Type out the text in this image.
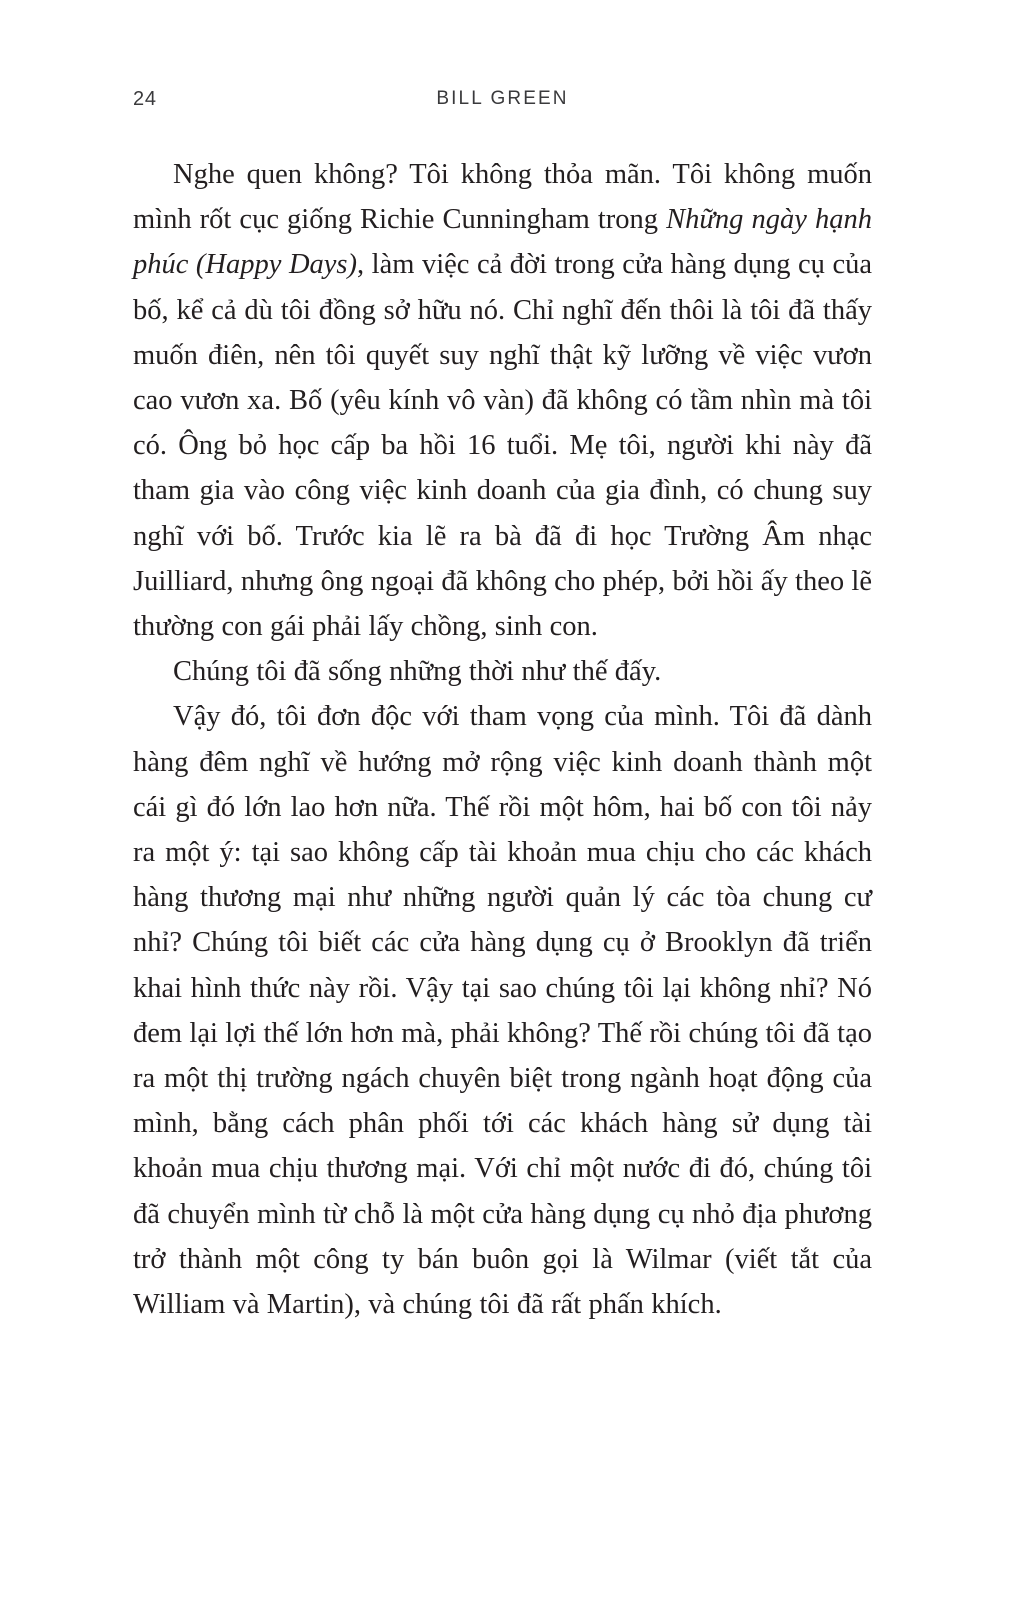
24	BILL GREEN

Nghe quen không? Tôi không thỏa mãn. Tôi không muốn mình rốt cục giống Richie Cunningham trong Những ngày hạnh phúc (Happy Days), làm việc cả đời trong cửa hàng dụng cụ của bố, kể cả dù tôi đồng sở hữu nó. Chỉ nghĩ đến thôi là tôi đã thấy muốn điên, nên tôi quyết suy nghĩ thật kỹ lưỡng về việc vươn cao vươn xa. Bố (yêu kính vô vàn) đã không có tầm nhìn mà tôi có. Ông bỏ học cấp ba hồi 16 tuổi. Mẹ tôi, người khi này đã tham gia vào công việc kinh doanh của gia đình, có chung suy nghĩ với bố. Trước kia lẽ ra bà đã đi học Trường Âm nhạc Juilliard, nhưng ông ngoại đã không cho phép, bởi hồi ấy theo lẽ thường con gái phải lấy chồng, sinh con.

Chúng tôi đã sống những thời như thế đấy.

Vậy đó, tôi đơn độc với tham vọng của mình. Tôi đã dành hàng đêm nghĩ về hướng mở rộng việc kinh doanh thành một cái gì đó lớn lao hơn nữa. Thế rồi một hôm, hai bố con tôi nảy ra một ý: tại sao không cấp tài khoản mua chịu cho các khách hàng thương mại như những người quản lý các tòa chung cư nhỉ? Chúng tôi biết các cửa hàng dụng cụ ở Brooklyn đã triển khai hình thức này rồi. Vậy tại sao chúng tôi lại không nhỉ? Nó đem lại lợi thế lớn hơn mà, phải không? Thế rồi chúng tôi đã tạo ra một thị trường ngách chuyên biệt trong ngành hoạt động của mình, bằng cách phân phối tới các khách hàng sử dụng tài khoản mua chịu thương mại. Với chỉ một nước đi đó, chúng tôi đã chuyển mình từ chỗ là một cửa hàng dụng cụ nhỏ địa phương trở thành một công ty bán buôn gọi là Wilmar (viết tắt của William và Martin), và chúng tôi đã rất phấn khích.
